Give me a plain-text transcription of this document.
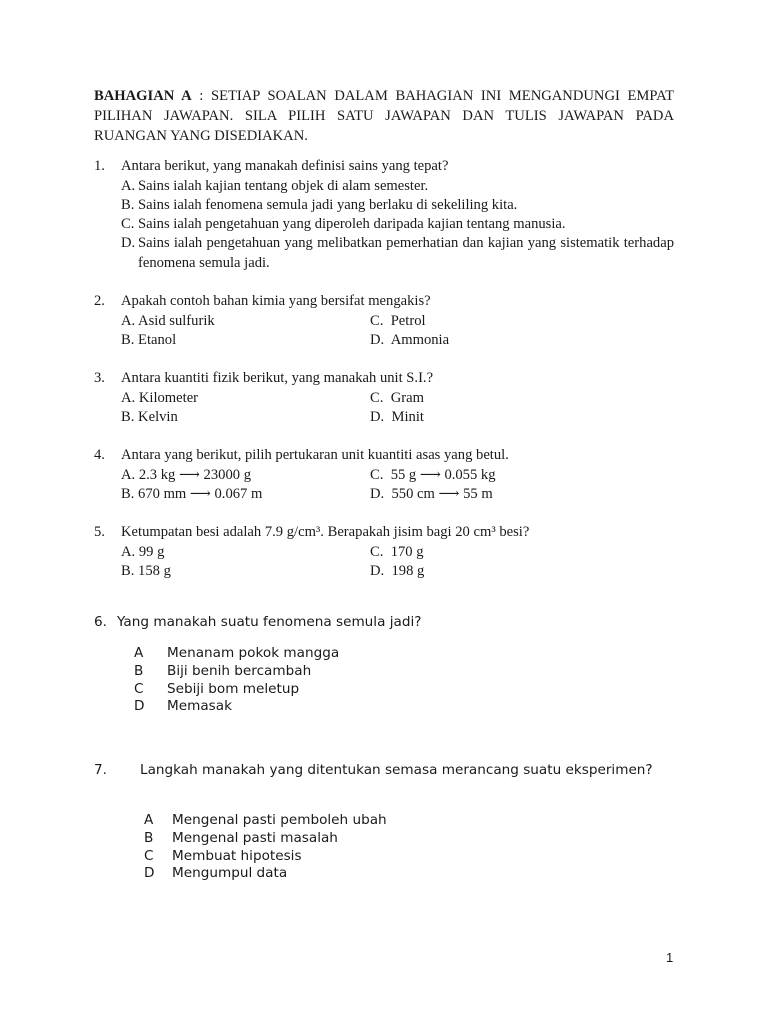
BAHAGIAN A : SETIAP SOALAN DALAM BAHAGIAN INI MENGANDUNGI EMPAT PILIHAN JAWAPAN. SILA PILIH SATU JAWAPAN DAN TULIS JAWAPAN PADA RUANGAN YANG DISEDIAKAN.
1. Antara berikut, yang manakah definisi sains yang tepat?
A. Sains ialah kajian tentang objek di alam semester.
B. Sains ialah fenomena semula jadi yang berlaku di sekeliling kita.
C. Sains ialah pengetahuan yang diperoleh daripada kajian tentang manusia.
D. Sains ialah pengetahuan yang melibatkan pemerhatian dan kajian yang sistematik terhadap fenomena semula jadi.
2. Apakah contoh bahan kimia yang bersifat mengakis?
A. Asid sulfurik
B. Etanol
C. Petrol
D. Ammonia
3. Antara kuantiti fizik berikut, yang manakah unit S.I.?
A. Kilometer
B. Kelvin
C. Gram
D. Minit
4. Antara yang berikut, pilih pertukaran unit kuantiti asas yang betul.
A. 2.3 kg ⟶ 23000 g
B. 670 mm ⟶ 0.067 m
C. 55 g ⟶ 0.055 kg
D. 550 cm ⟶ 55 m
5. Ketumpatan besi adalah 7.9 g/cm³. Berapakah jisim bagi 20 cm³ besi?
A. 99 g
B. 158 g
C. 170 g
D. 198 g
6. Yang manakah suatu fenomena semula jadi?
A Menanam pokok mangga
B Biji benih bercambah
C Sebiji bom meletup
D Memasak
7. Langkah manakah yang ditentukan semasa merancang suatu eksperimen?
A Mengenal pasti pemboleh ubah
B Mengenal pasti masalah
C Membuat hipotesis
D Mengumpul data
1
